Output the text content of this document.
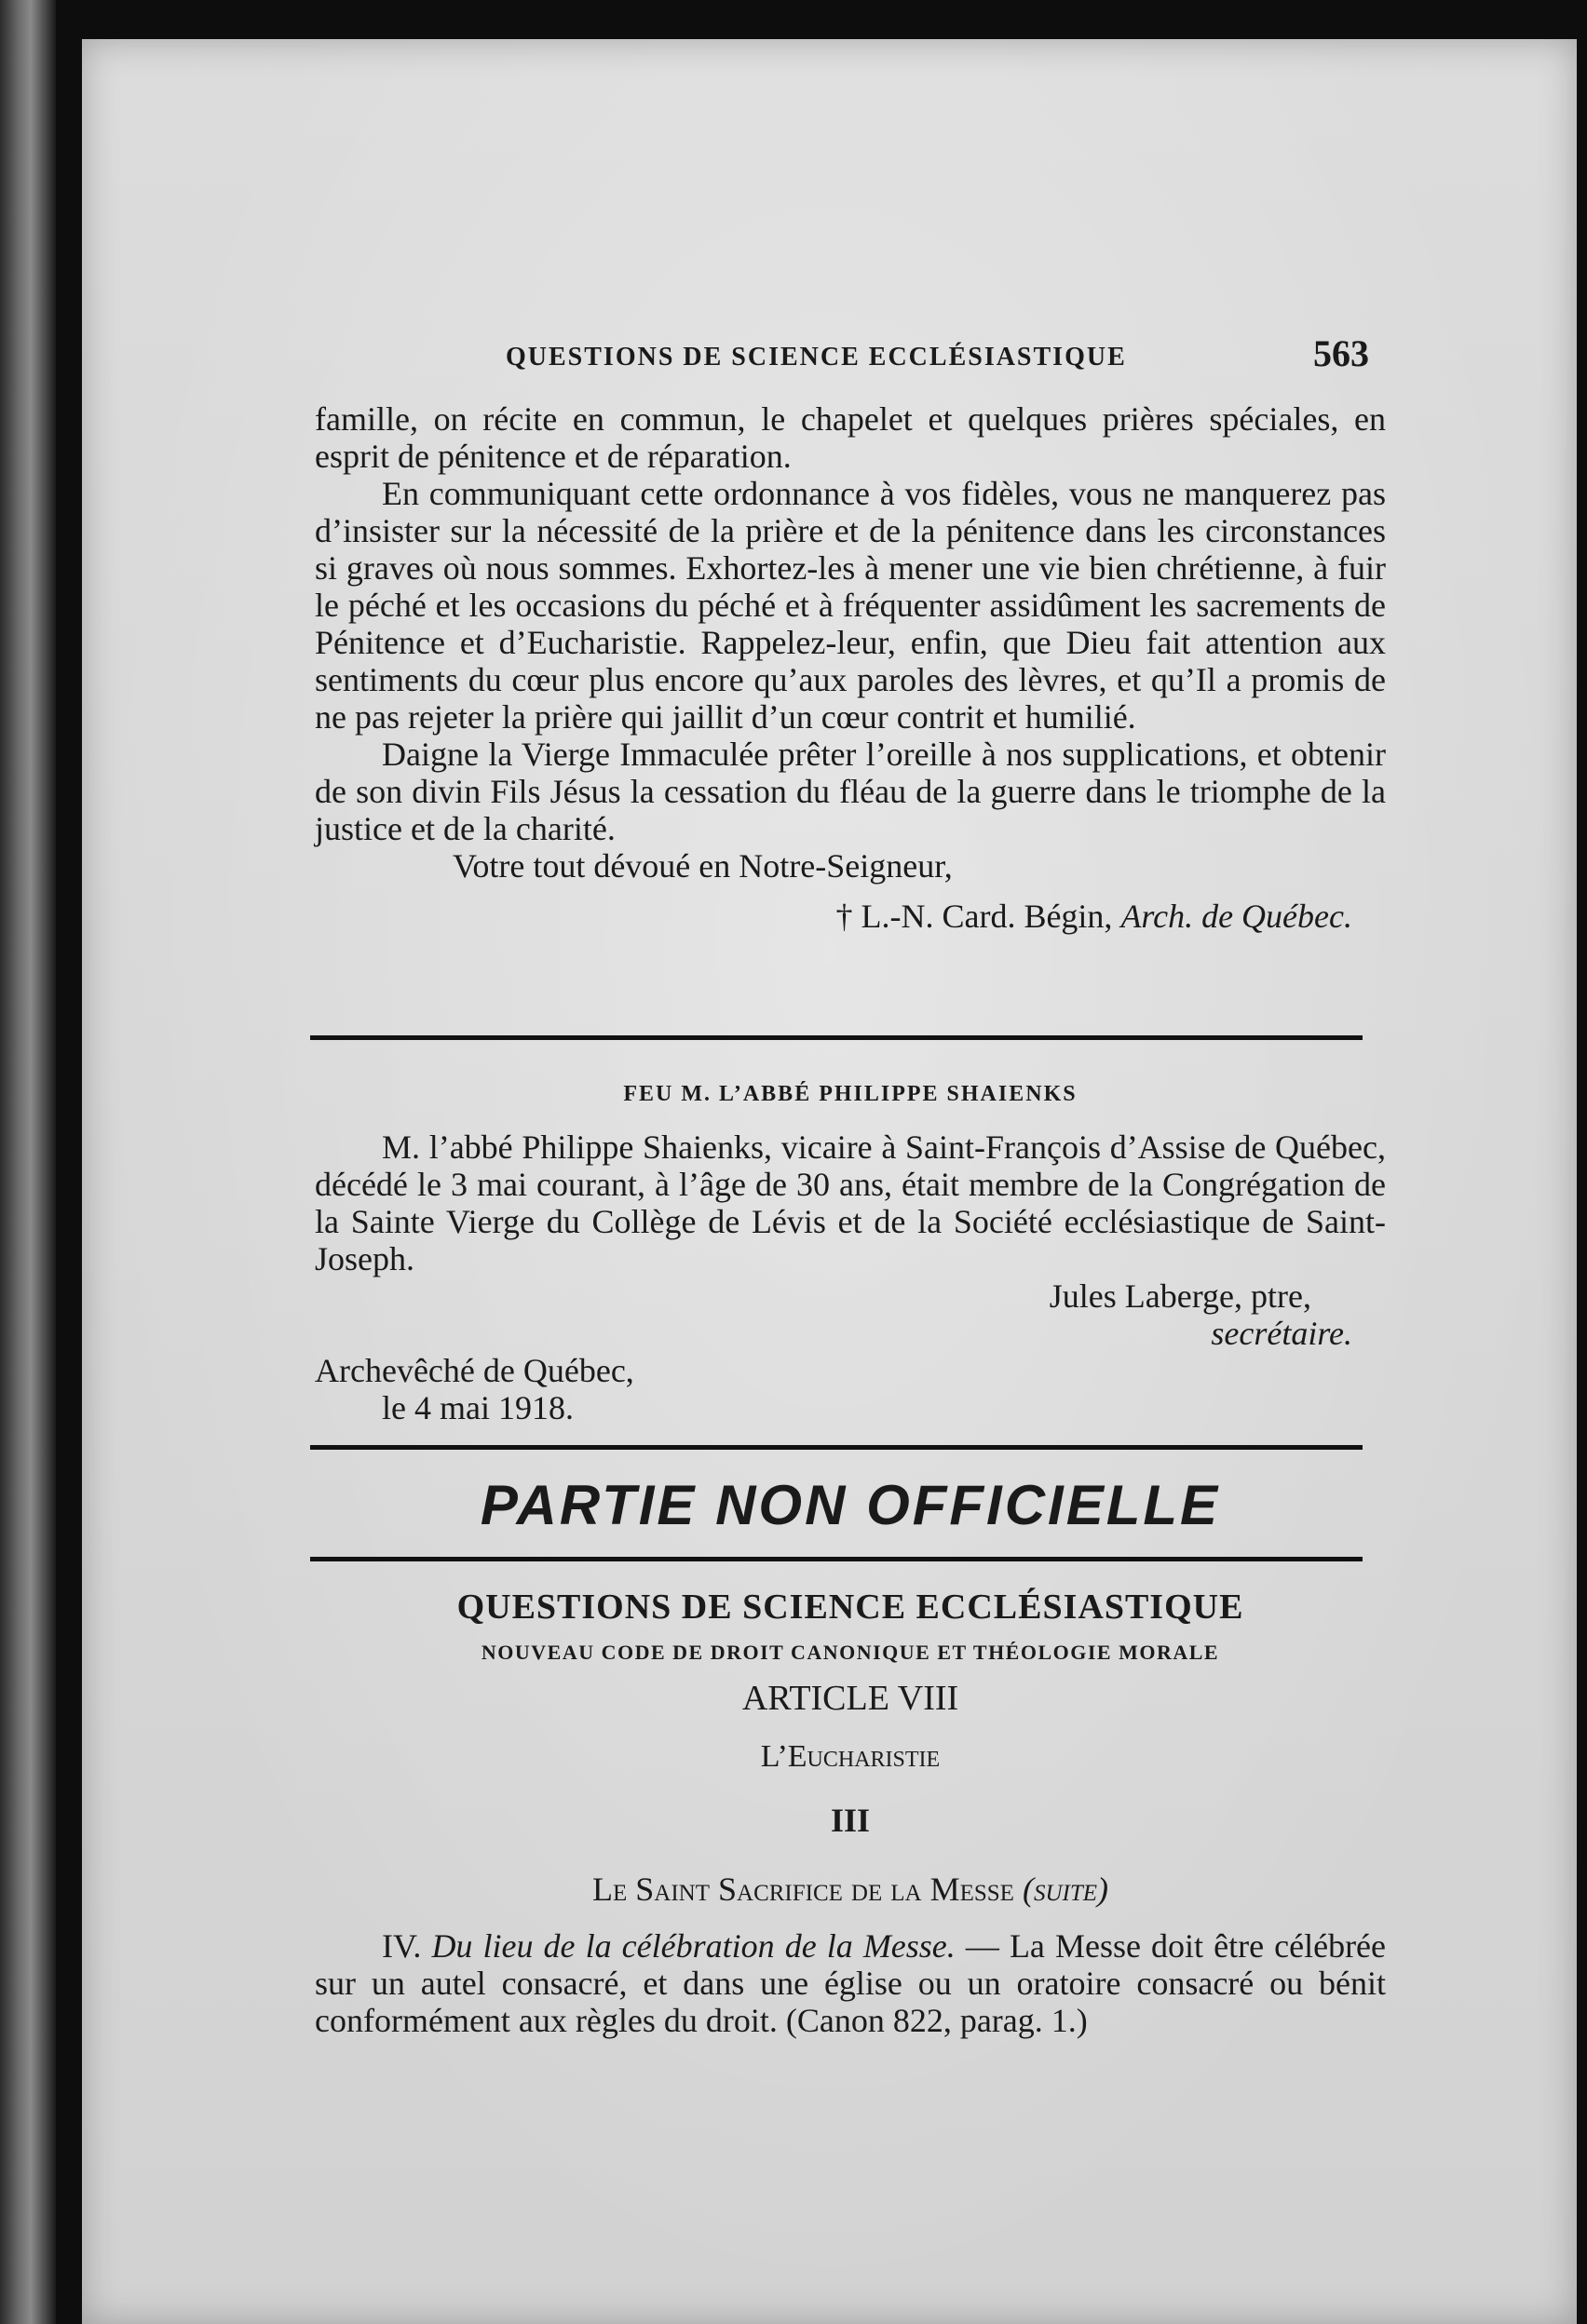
QUESTIONS DE SCIENCE ECCLÉSIASTIQUE	563

famille, on récite en commun, le chapelet et quelques prières spéciales, en esprit de pénitence et de réparation.

En communiquant cette ordonnance à vos fidèles, vous ne manquerez pas d’insister sur la nécessité de la prière et de la pénitence dans les circonstances si graves où nous sommes. Exhortez-les à mener une vie bien chrétienne, à fuir le péché et les occasions du péché et à fréquenter assidûment les sacrements de Pénitence et d’Eucharistie. Rappelez-leur, enfin, que Dieu fait attention aux sentiments du cœur plus encore qu’aux paroles des lèvres, et qu’Il a promis de ne pas rejeter la prière qui jaillit d’un cœur contrit et humilié.

Daigne la Vierge Immaculée prêter l’oreille à nos supplications, et obtenir de son divin Fils Jésus la cessation du fléau de la guerre dans le triomphe de la justice et de la charité.

Votre tout dévoué en Notre-Seigneur,

† L.-N. Card. Bégin, Arch. de Québec.

FEU M. L’ABBÉ PHILIPPE SHAIENKS

M. l’abbé Philippe Shaienks, vicaire à Saint-François d’Assise de Québec, décédé le 3 mai courant, à l’âge de 30 ans, était membre de la Congrégation de la Sainte Vierge du Collège de Lévis et de la Société ecclésiastique de Saint-Joseph.

Jules Laberge, ptre,

secrétaire.

Archevêché de Québec,

le 4 mai 1918.

PARTIE NON OFFICIELLE
QUESTIONS DE SCIENCE ECCLÉSIASTIQUE
NOUVEAU CODE DE DROIT CANONIQUE ET THÉOLOGIE MORALE
ARTICLE VIII
L’Eucharistie
III
Le Saint Sacrifice de la Messe (suite)

IV. Du lieu de la célébration de la Messe. — La Messe doit être célébrée sur un autel consacré, et dans une église ou un oratoire consacré ou bénit conformément aux règles du droit. (Canon 822, parag. 1.)
